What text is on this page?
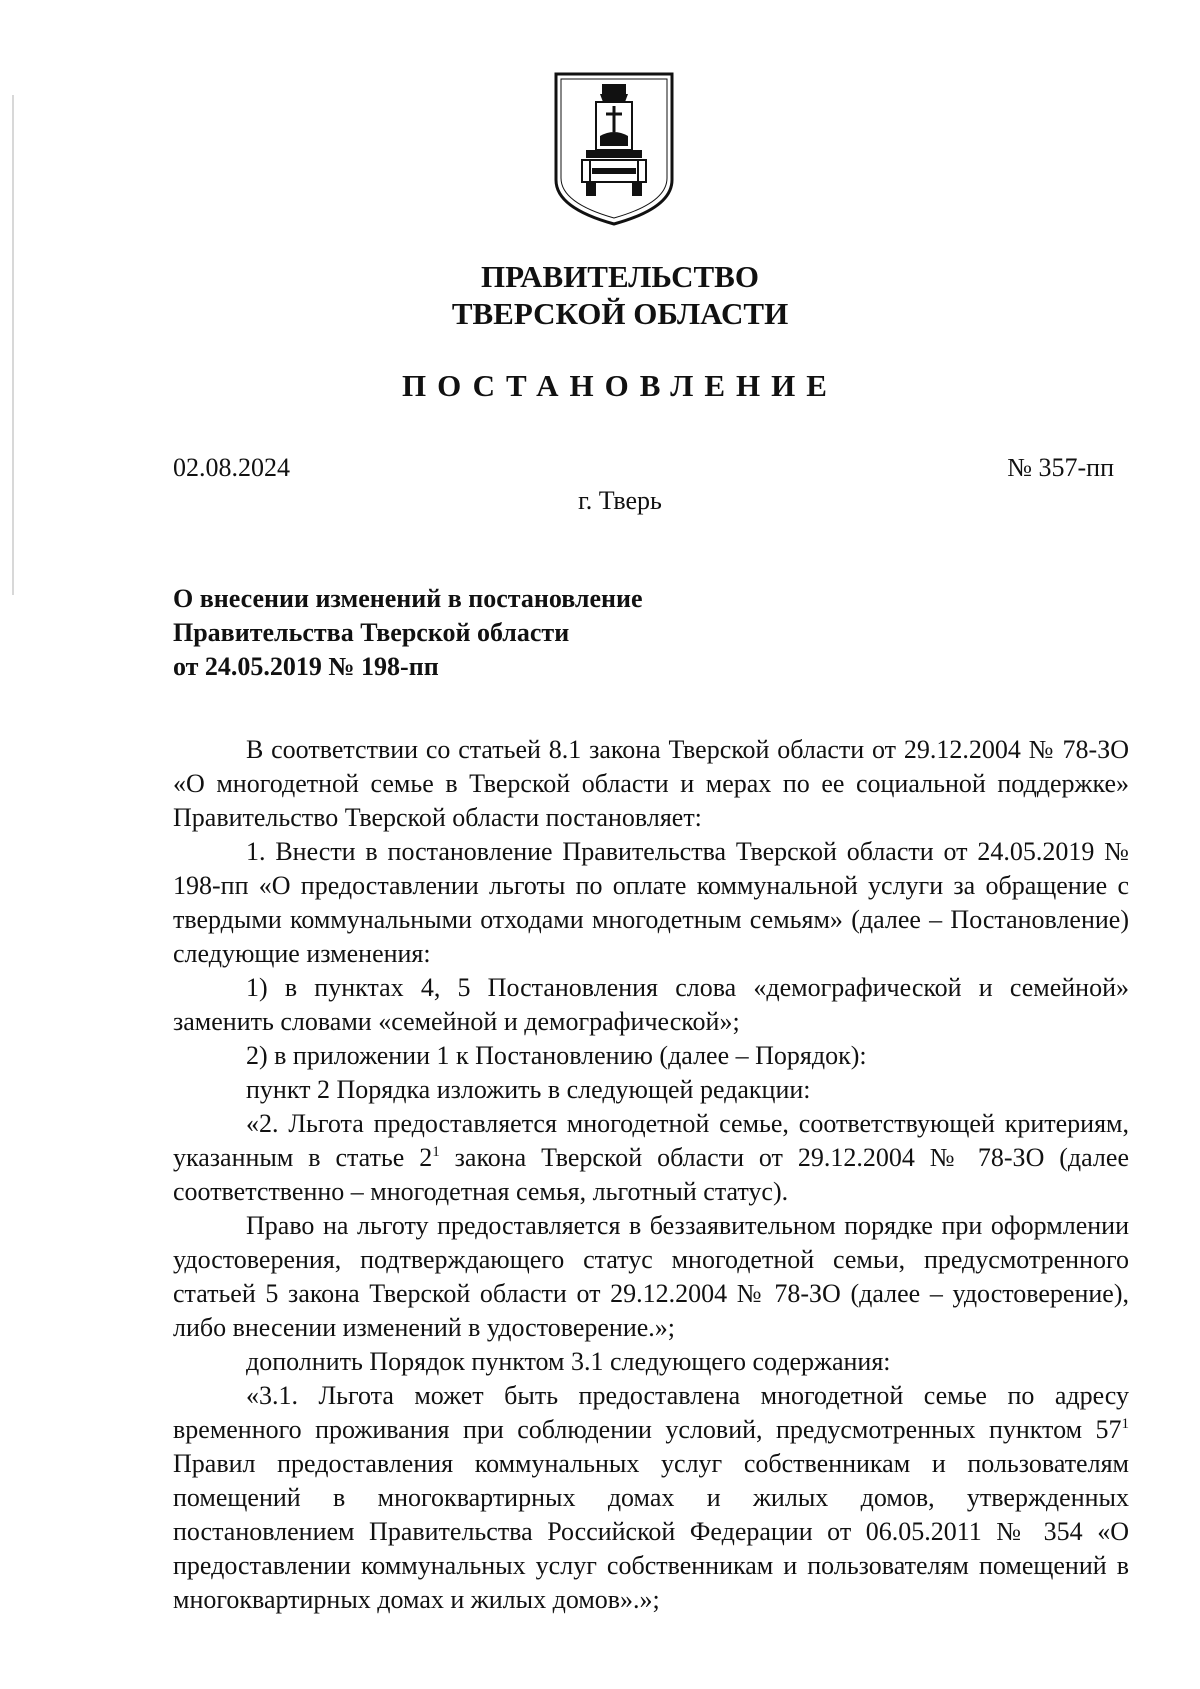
ПРАВИТЕЛЬСТВО
ТВЕРСКОЙ ОБЛАСТИ
ПОСТАНОВЛЕНИЕ
02.08.2024	№ 357-пп
г. Тверь
О внесении изменений в постановление
Правительства Тверской области
от 24.05.2019 № 198-пп

В соответствии со статьей 8.1 закона Тверской области от 29.12.2004 № 78-ЗО «О многодетной семье в Тверской области и мерах по ее социальной поддержке» Правительство Тверской области постановляет:

1. Внести в постановление Правительства Тверской области от 24.05.2019 № 198-пп «О предоставлении льготы по оплате коммунальной услуги за обращение с твердыми коммунальными отходами многодетным семьям» (далее – Постановление) следующие изменения:

1) в пунктах 4, 5 Постановления слова «демографической и семейной» заменить словами «семейной и демографической»;

2) в приложении 1 к Постановлению (далее – Порядок):

пункт 2 Порядка изложить в следующей редакции:

«2. Льгота предоставляется многодетной семье, соответствующей критериям, указанным в статье $2^1$ закона Тверской области от 29.12.2004 № 78-ЗО (далее соответственно – многодетная семья, льготный статус).

Право на льготу предоставляется в беззаявительном порядке при оформлении удостоверения, подтверждающего статус многодетной семьи, предусмотренного статьей 5 закона Тверской области от 29.12.2004 № 78-ЗО (далее – удостоверение), либо внесении изменений в удостоверение.»;

дополнить Порядок пунктом 3.1 следующего содержания:

«3.1. Льгота может быть предоставлена многодетной семье по адресу временного проживания при соблюдении условий, предусмотренных пунктом $57^1$ Правил предоставления коммунальных услуг собственникам и пользователям помещений в многоквартирных домах и жилых домов, утвержденных постановлением Правительства Российской Федерации от 06.05.2011 № 354 «О предоставлении коммунальных услуг собственникам и пользователям помещений в многоквартирных домах и жилых домов».»;
